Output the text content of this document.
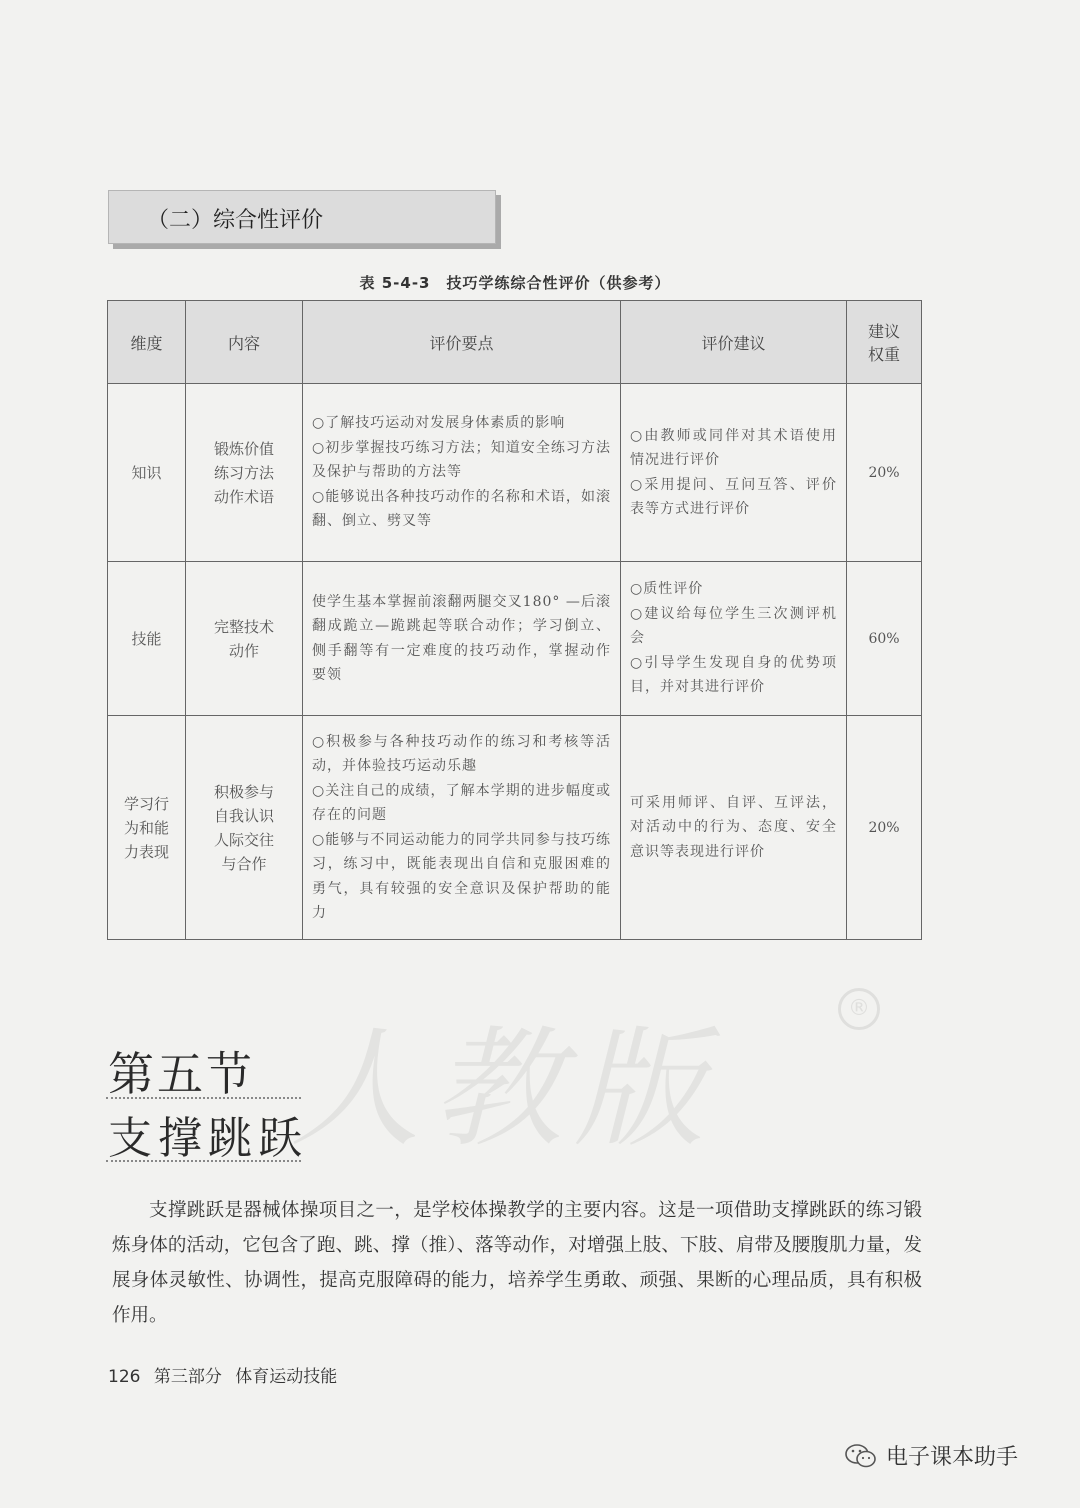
（二）综合性评价
表 5-4-3　技巧学练综合性评价（供参考）
维度	内容	评价要点	评价建议	建议
权重
知识	锻炼价值
练习方法
动作术语	○了解技巧运动对发展身体素质的影响
○初步掌握技巧练习方法；知道安全练习方法及保护与帮助的方法等
○能够说出各种技巧动作的名称和术语，如滚翻、倒立、劈叉等	○由教师或同伴对其术语使用情况进行评价
○采用提问、互问互答、评价表等方式进行评价	20%
技能	完整技术
动作	使学生基本掌握前滚翻两腿交叉180° —后滚翻成跪立—跪跳起等联合动作；学习倒立、侧手翻等有一定难度的技巧动作，掌握动作要领	○质性评价
○建议给每位学生三次测评机会
○引导学生发现自身的优势项目，并对其进行评价	60%
学习行
为和能
力表现	积极参与
自我认识
人际交往
与合作	○积极参与各种技巧动作的练习和考核等活动，并体验技巧运动乐趣
○关注自己的成绩，了解本学期的进步幅度或存在的问题
○能够与不同运动能力的同学共同参与技巧练习，练习中，既能表现出自信和克服困难的勇气，具有较强的安全意识及保护帮助的能力	可采用师评、自评、互评法，对活动中的行为、态度、安全意识等表现进行评价	20%
人教版
®
第五节
支撑跳跃
支撑跳跃是器械体操项目之一，是学校体操教学的主要内容。这是一项借助支撑跳跃的练习锻炼身体的活动，它包含了跑、跳、撑（推）、落等动作，对增强上肢、下肢、肩带及腰腹肌力量，发展身体灵敏性、协调性，提高克服障碍的能力，培养学生勇敢、顽强、果断的心理品质，具有积极作用。
126 第三部分 体育运动技能
电子课本助手
